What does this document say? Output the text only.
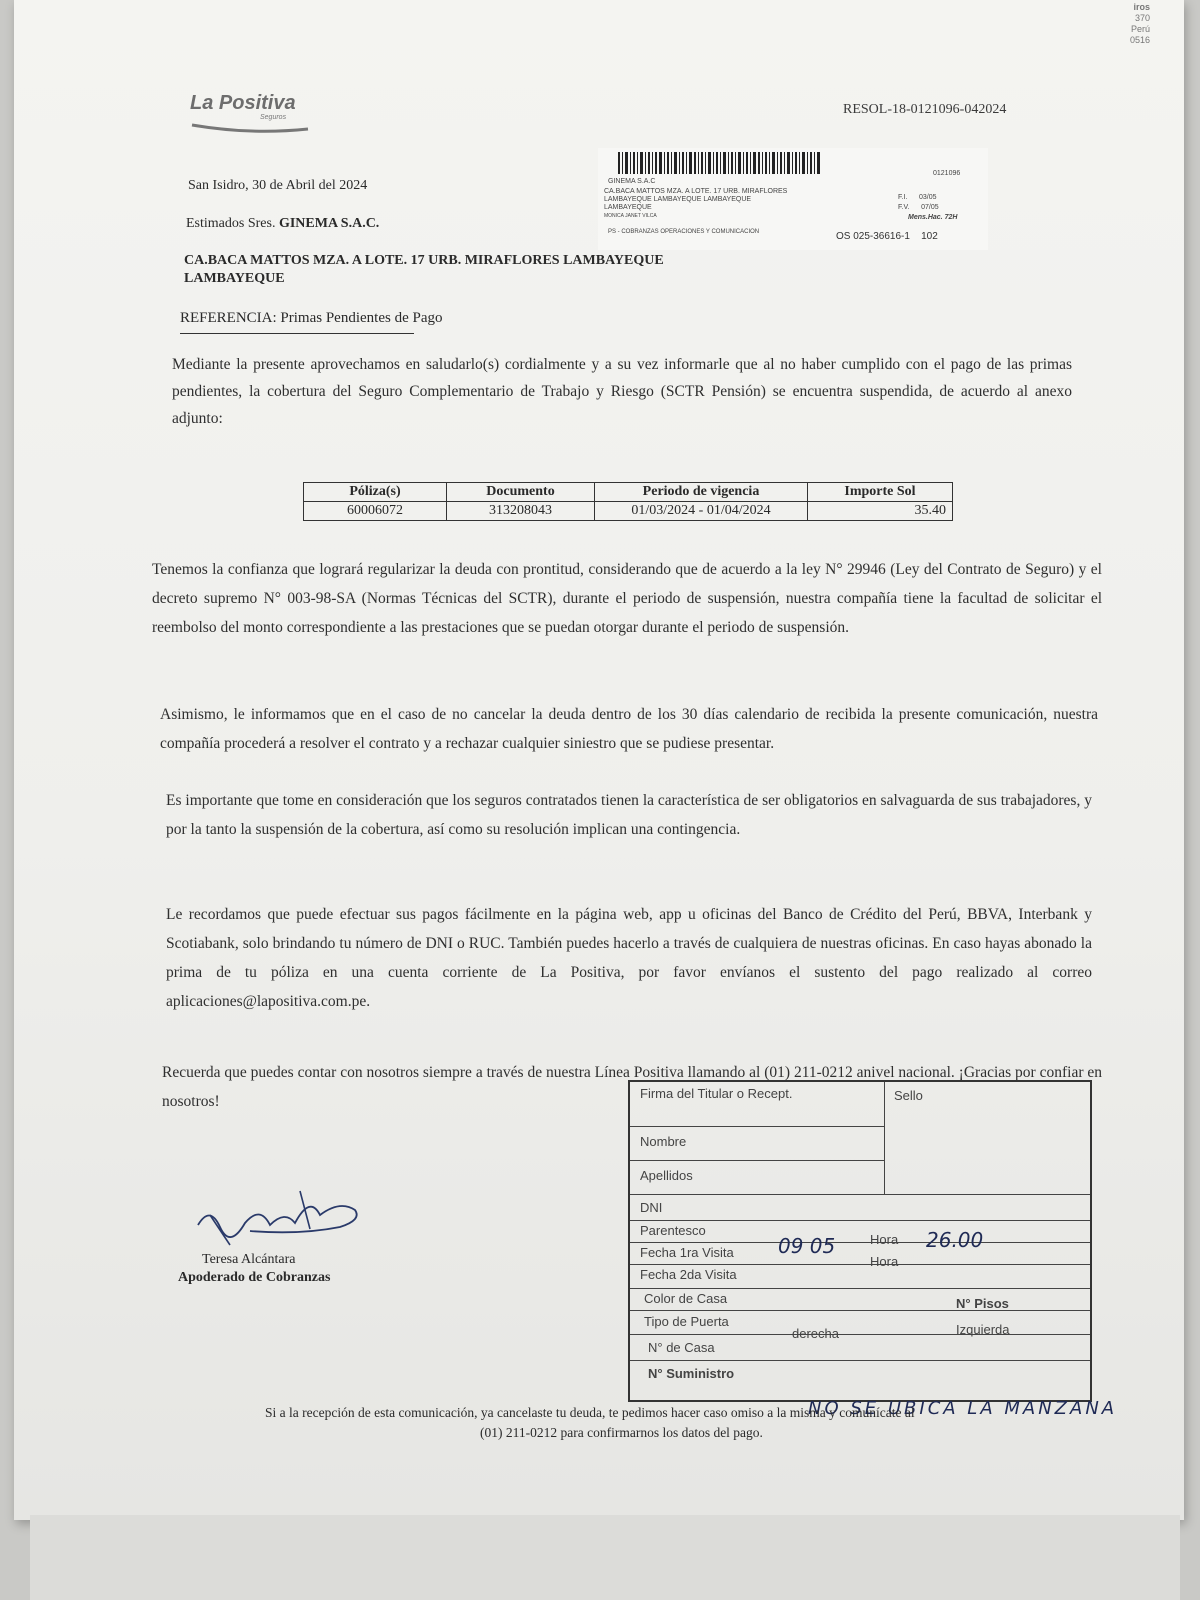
iros
370
Perú
0516
La Positiva
Seguros
RESOL-18-0121096-042024
0121096
GINEMA S.A.C
CA.BACA MATTOS MZA. A LOTE. 17 URB. MIRAFLORES
LAMBAYEQUE LAMBAYEQUE LAMBAYEQUE
LAMBAYEQUE
MONICA JANET VILCA
PS - COBRANZAS OPERACIONES Y COMUNICACION
F.I. 03/05
F.V. 07/05
Mens.Hac. 72H
OS 025-36616-1 102
San Isidro, 30 de Abril del 2024
Estimados Sres. GINEMA S.A.C.
CA.BACA MATTOS MZA. A LOTE. 17 URB. MIRAFLORES LAMBAYEQUE
LAMBAYEQUE
REFERENCIA: Primas Pendientes de Pago
Mediante la presente aprovechamos en saludarlo(s) cordialmente y a su vez informarle que al no haber cumplido con el pago de las primas pendientes, la cobertura del Seguro Complementario de Trabajo y Riesgo (SCTR Pensión) se encuentra suspendida, de acuerdo al anexo adjunto:
Póliza(s)	Documento	Periodo de vigencia	Importe Sol
60006072	313208043	01/03/2024 - 01/04/2024	35.40
Tenemos la confianza que logrará regularizar la deuda con prontitud, considerando que de acuerdo a la ley N° 29946 (Ley del Contrato de Seguro) y el decreto supremo N° 003-98-SA (Normas Técnicas del SCTR), durante el periodo de suspensión, nuestra compañía tiene la facultad de solicitar el reembolso del monto correspondiente a las prestaciones que se puedan otorgar durante el periodo de suspensión.
Asimismo, le informamos que en el caso de no cancelar la deuda dentro de los 30 días calendario de recibida la presente comunicación, nuestra compañía procederá a resolver el contrato y a rechazar cualquier siniestro que se pudiese presentar.
Es importante que tome en consideración que los seguros contratados tienen la característica de ser obligatorios en salvaguarda de sus trabajadores, y por la tanto la suspensión de la cobertura, así como su resolución implican una contingencia.
Le recordamos que puede efectuar sus pagos fácilmente en la página web, app u oficinas del Banco de Crédito del Perú, BBVA, Interbank y Scotiabank, solo brindando tu número de DNI o RUC. También puedes hacerlo a través de cualquiera de nuestras oficinas. En caso hayas abonado la prima de tu póliza en una cuenta corriente de La Positiva, por favor envíanos el sustento del pago realizado al correo aplicaciones@lapositiva.com.pe.
Recuerda que puedes contar con nosotros siempre a través de nuestra Línea Positiva llamando al (01) 211-0212 anivel nacional. ¡Gracias por confiar en nosotros!
Teresa Alcántara
Apoderado de Cobranzas
Sello
Firma del Titular o Recept.
Nombre
Apellidos
DNI
Parentesco
Fecha 1ra Visita 09 05	Hora 26.00
Fecha 2da Visita
Hora
Color de Casa
Tipo de Puerta
N° Pisos
N° de Casa
derecha	Izquierda
N° Suministro
NO SE UBICA LA MANZANA
Si a la recepción de esta comunicación, ya cancelaste tu deuda, te pedimos hacer caso omiso a la misma y comunícate al
(01) 211-0212 para confirmarnos los datos del pago.
